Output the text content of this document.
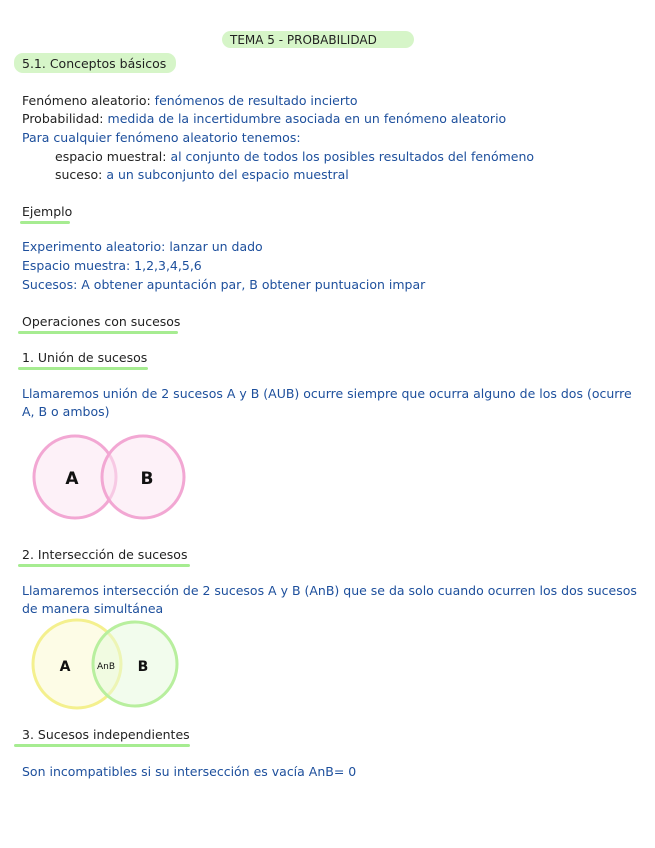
TEMA 5 - PROBABILIDAD
5.1. Conceptos básicos
Fenómeno aleatorio: fenómenos de resultado incierto
Probabilidad: medida de la incertidumbre asociada en un fenómeno aleatorio
Para cualquier fenómeno aleatorio tenemos:
espacio muestral: al conjunto de todos los posibles resultados del fenómeno
suceso: a un subconjunto del espacio muestral
Ejemplo
Experimento aleatorio: lanzar un dado
Espacio muestra: 1,2,3,4,5,6
Sucesos: A obtener apuntación par, B obtener puntuacion impar
Operaciones con sucesos
1. Unión de sucesos
Llamaremos unión de 2 sucesos A y B (AUB) ocurre siempre que ocurra alguno de los dos (ocurre A, B o ambos)
A	B
2. Intersección de sucesos
Llamaremos intersección de 2 sucesos A y B (AnB) que se da solo cuando ocurren los dos sucesos de manera simultánea
A	AnB B
3. Sucesos independientes
Son incompatibles si su intersección es vacía AnB= 0
